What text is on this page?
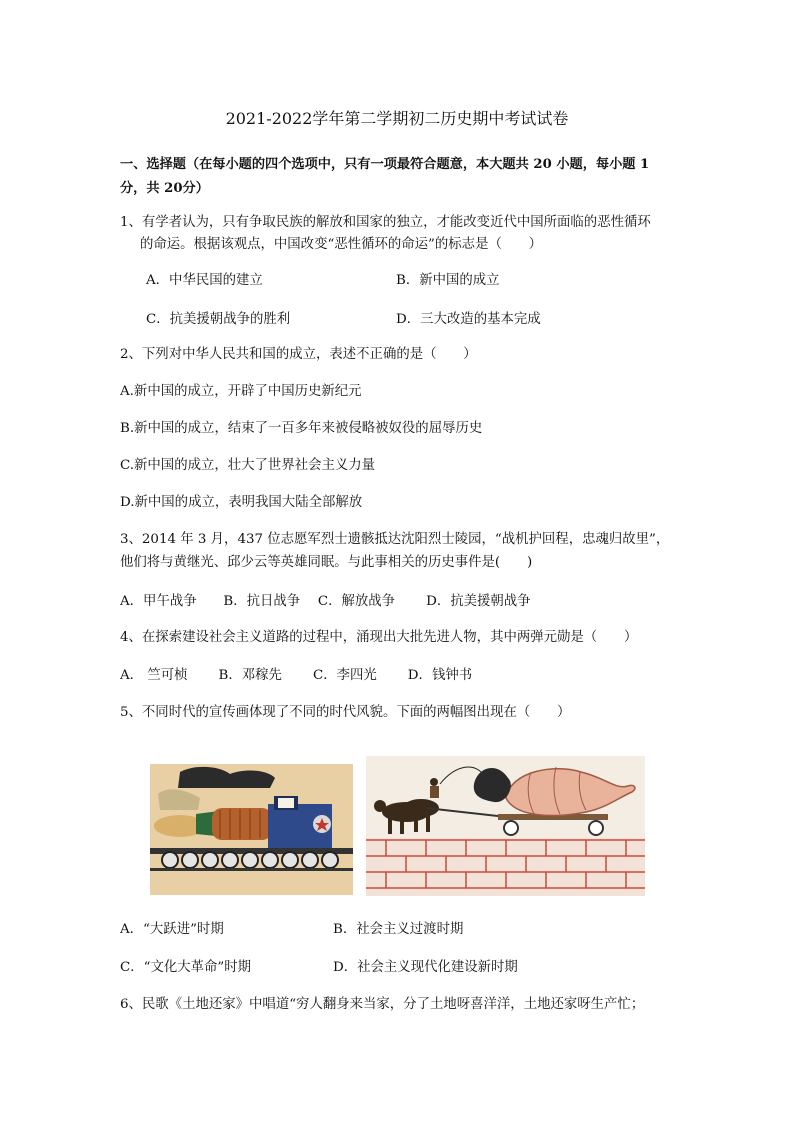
2021-2022学年第二学期初二历史期中考试试卷
一、选择题（在每小题的四个选项中，只有一项最符合题意，本大题共 20 小题，每小题 1
分，共 20分）
1、有学者认为，只有争取民族的解放和国家的独立，才能改变近代中国所面临的恶性循环
的命运。根据该观点，中国改变“恶性循环的命运”的标志是（　　）
A．中华民国的建立	B．新中国的成立
C．抗美援朝战争的胜利	D．三大改造的基本完成
2、下列对中华人民共和国的成立，表述不正确的是（　　）
A.新中国的成立，开辟了中国历史新纪元
B.新中国的成立，结束了一百多年来被侵略被奴役的屈辱历史
C.新中国的成立，壮大了世界社会主义力量
D.新中国的成立，表明我国大陆全部解放
3、2014 年 3 月，437 位志愿军烈士遗骸抵达沈阳烈士陵园，“战机护回程，忠魂归故里”，
他们将与黄继光、邱少云等英雄同眠。与此事相关的历史事件是(　　)
A．甲午战争　　B．抗日战争　 C．解放战争　　 D．抗美援朝战争
4、在探索建设社会主义道路的过程中，涌现出大批先进人物，其中两弹元勋是（　　）
A． 竺可桢　　 B．邓稼先　　 C．李四光　　 D．钱钟书
5、不同时代的宣传画体现了不同的时代风貌。下面的两幅图出现在（　　）
A．“大跃进”时期	B．社会主义过渡时期
C．“文化大革命”时期	D．社会主义现代化建设新时期
6、民歌《土地还家》中唱道“穷人翻身来当家，分了土地呀喜洋洋，土地还家呀生产忙；
